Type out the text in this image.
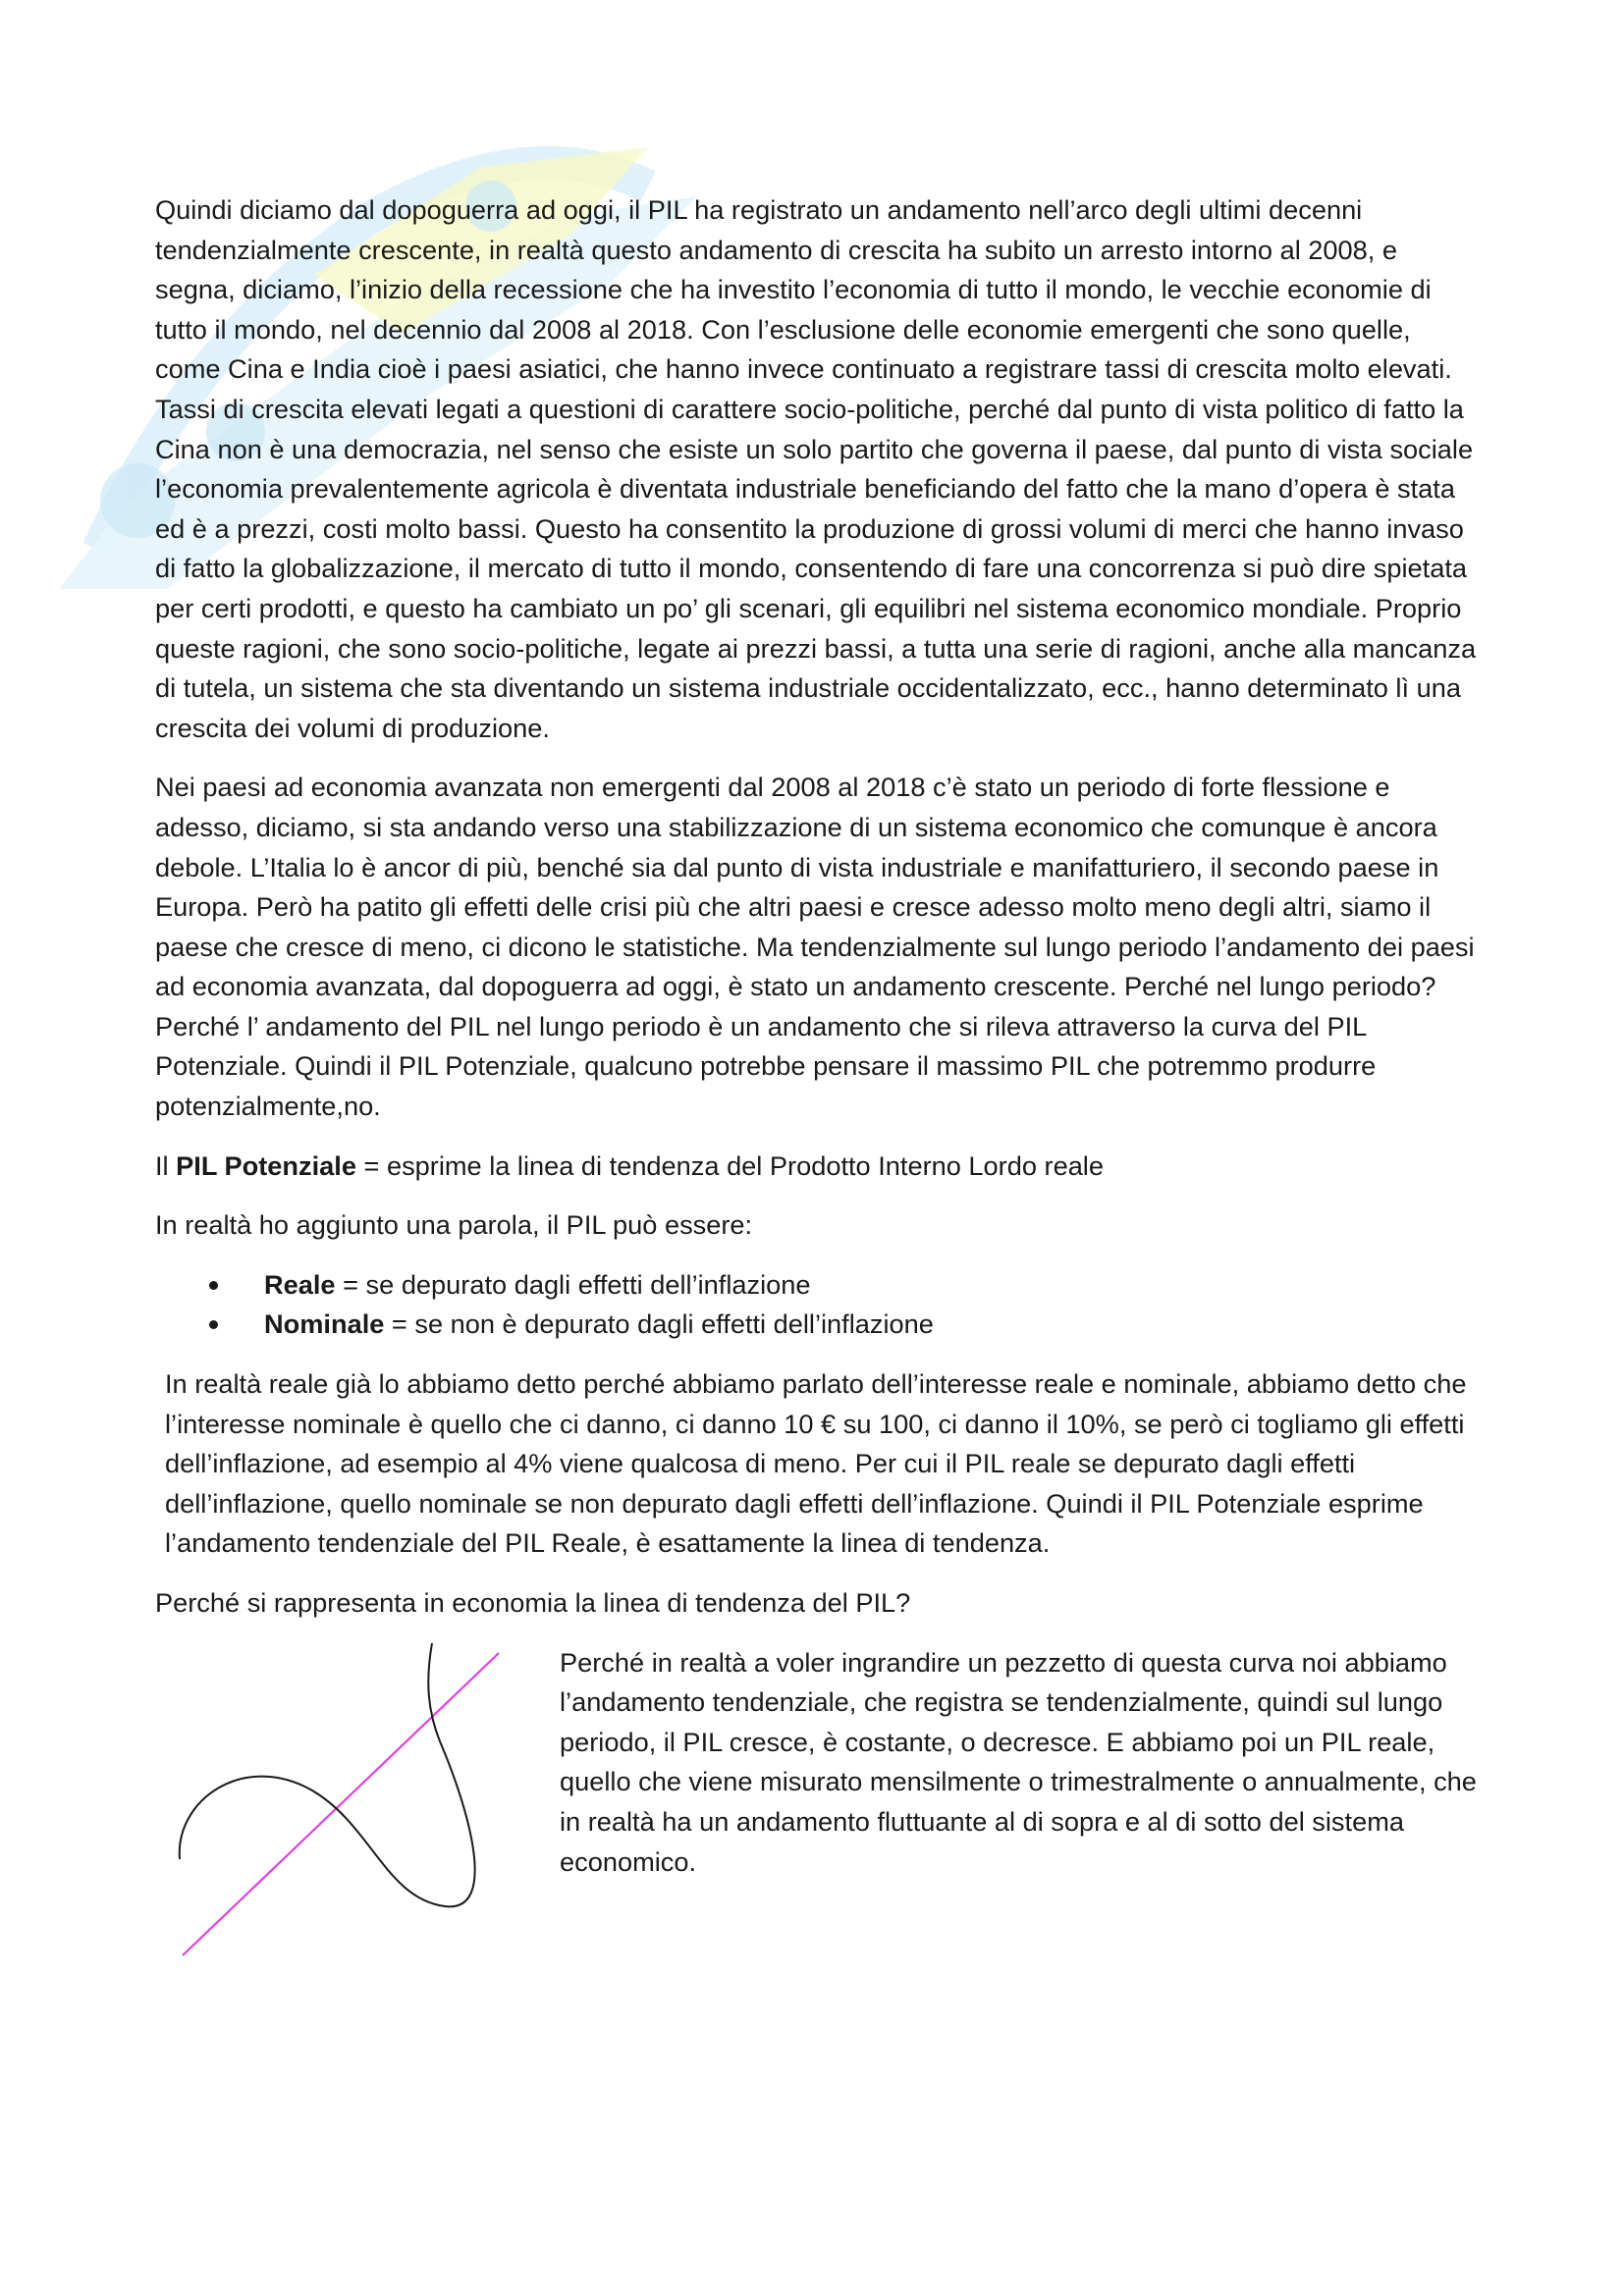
Quindi diciamo dal dopoguerra ad oggi, il PIL ha registrato un andamento nell’arco degli ultimi decenni tendenzialmente crescente, in realtà questo andamento di crescita ha subito un arresto intorno al 2008, e segna, diciamo, l’inizio della recessione che ha investito l’economia di tutto il mondo, le vecchie economie di tutto il mondo, nel decennio dal 2008 al 2018. Con l’esclusione delle economie emergenti che sono quelle, come Cina e India cioè i paesi asiatici, che hanno invece continuato a registrare tassi di crescita molto elevati. Tassi di crescita elevati legati a questioni di carattere socio-politiche, perché dal punto di vista politico di fatto la Cina non è una democrazia, nel senso che esiste un solo partito che governa il paese, dal punto di vista sociale l’economia prevalentemente agricola è diventata industriale beneficiando del fatto che la mano d’opera è stata ed è a prezzi, costi molto bassi. Questo ha consentito la produzione di grossi volumi di merci che hanno invaso di fatto la globalizzazione, il mercato di tutto il mondo, consentendo di fare una concorrenza si può dire spietata per certi prodotti, e questo ha cambiato un po’ gli scenari, gli equilibri nel sistema economico mondiale. Proprio queste ragioni, che sono socio-politiche, legate ai prezzi bassi, a tutta una serie di ragioni, anche alla mancanza di tutela, un sistema che sta diventando un sistema industriale occidentalizzato, ecc., hanno determinato lì una crescita dei volumi di produzione.

Nei paesi ad economia avanzata non emergenti dal 2008 al 2018 c’è stato un periodo di forte flessione e adesso, diciamo, si sta andando verso una stabilizzazione di un sistema economico che comunque è ancora debole. L’Italia lo è ancor di più, benché sia dal punto di vista industriale e manifatturiero, il secondo paese in Europa. Però ha patito gli effetti delle crisi più che altri paesi e cresce adesso molto meno degli altri, siamo il paese che cresce di meno, ci dicono le statistiche. Ma tendenzialmente sul lungo periodo l’andamento dei paesi ad economia avanzata, dal dopoguerra ad oggi, è stato un andamento crescente. Perché nel lungo periodo? Perché l’ andamento del PIL nel lungo periodo è un andamento che si rileva attraverso la curva del PIL Potenziale. Quindi il PIL Potenziale, qualcuno potrebbe pensare il massimo PIL che potremmo produrre potenzialmente,no.

Il PIL Potenziale = esprime la linea di tendenza del Prodotto Interno Lordo reale

In realtà ho aggiunto una parola, il PIL può essere:

Reale = se depurato dagli effetti dell’inflazione
Nominale = se non è depurato dagli effetti dell’inflazione

In realtà reale già lo abbiamo detto perché abbiamo parlato dell’interesse reale e nominale, abbiamo detto che l’interesse nominale è quello che ci danno, ci danno 10 € su 100, ci danno il 10%, se però ci togliamo gli effetti dell’inflazione, ad esempio al 4% viene qualcosa di meno. Per cui il PIL reale se depurato dagli effetti dell’inflazione, quello nominale se non depurato dagli effetti dell’inflazione. Quindi il PIL Potenziale esprime l’andamento tendenziale del PIL Reale, è esattamente la linea di tendenza.

Perché si rappresenta in economia la linea di tendenza del PIL?

Perché in realtà a voler ingrandire un pezzetto di questa curva noi abbiamo l’andamento tendenziale, che registra se tendenzialmente, quindi sul lungo periodo, il PIL cresce, è costante, o decresce. E abbiamo poi un PIL reale, quello che viene misurato mensilmente o trimestralmente o annualmente, che in realtà ha un andamento fluttuante al di sopra e al di sotto del sistema economico.
